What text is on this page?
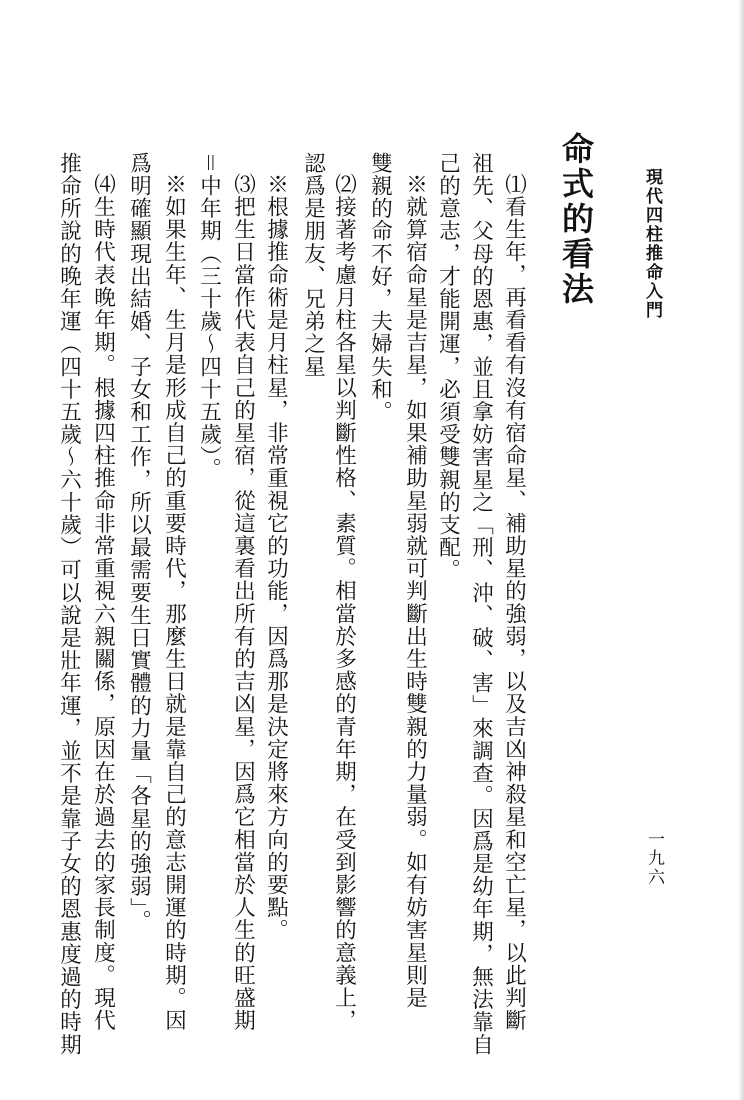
現代四柱推命入門
一九六
命式的看法
⑴看生年，再看看有沒有宿命星、補助星的強弱，以及吉凶神殺星和空亡星，以此判斷
祖先、父母的恩惠，並且拿妨害星之「刑、沖、破、害」來調查。因爲是幼年期，無法靠自
己的意志，才能開運，必須受雙親的支配。
※就算宿命星是吉星，如果補助星弱就可判斷出生時雙親的力量弱。如有妨害星則是
雙親的命不好，夫婦失和。
⑵接著考慮月柱各星以判斷性格、素質。相當於多感的青年期，在受到影響的意義上，
認爲是朋友、兄弟之星
※根據推命術是月柱星，非常重視它的功能，因爲那是決定將來方向的要點。
⑶把生日當作代表自己的星宿，從這裏看出所有的吉凶星，因爲它相當於人生的旺盛期
＝中年期（三十歲～四十五歲）。
※如果生年、生月是形成自己的重要時代，那麼生日就是靠自己的意志開運的時期。因
爲明確顯現出結婚、子女和工作，所以最需要生日實體的力量「各星的強弱」。
⑷生時代表晚年期。根據四柱推命非常重視六親關係，原因在於過去的家長制度。現代
推命所說的晚年運（四十五歲～六十歲）可以說是壯年運，並不是靠子女的恩惠度過的時期
